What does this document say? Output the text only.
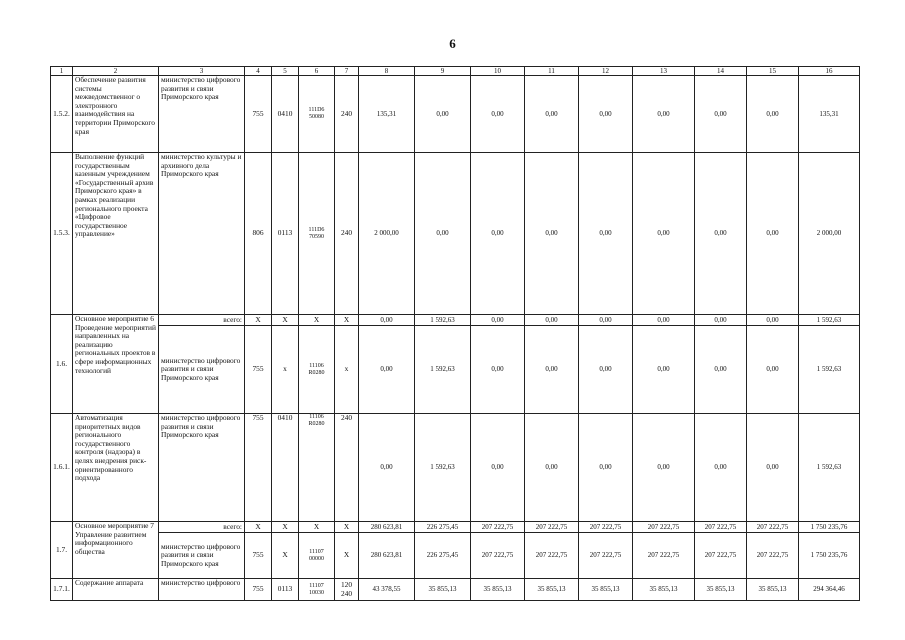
6
1	2	3	4	5	6	7	8	9	10	11	12	13	14	15	16
1.5.2.	Обеспечение развития системы межведомственног о электронного взаимодействия на территории Приморского края	министерство цифрового развития и связи Приморского края	755	0410	111D6 50080	240	135,31	0,00	0,00	0,00	0,00	0,00	0,00	0,00	135,31
1.5.3.	Выполнение функций государственным казенным учреждением «Государственный архив Приморского края» в рамках реализации регионального проекта «Цифровое государственное управление»	министерство культуры и архивного дела Приморского края	806	0113	111D6 70590	240	2 000,00	0,00	0,00	0,00	0,00	0,00	0,00	0,00	2 000,00
1.6.	Основное мероприятие 6 Проведение мероприятий направленных на реализацию региональных проектов в сфере информационных технологий	всего:	X	X	X	X	0,00	1 592,63	0,00	0,00	0,00	0,00	0,00	0,00	1 592,63
		министерство цифрового развития и связи Приморского края	755	x	11106 R0280	x	0,00	1 592,63	0,00	0,00	0,00	0,00	0,00	0,00	1 592,63
1.6.1.	Автоматизация приоритетных видов регионального государственного контроля (надзора) в целях внедрения риск-ориентированного подхода	министерство цифрового развития и связи Приморского края	755	0410	11106 R0280	240	0,00	1 592,63	0,00	0,00	0,00	0,00	0,00	0,00	1 592,63
1.7.	Основное мероприятие 7 Управление развитием информационного общества	всего:	X	X	X	X	280 623,81	226 275,45	207 222,75	207 222,75	207 222,75	207 222,75	207 222,75	207 222,75	1 750 235,76
		министерство цифрового развития и связи Приморского края	755	X	11107 00000	X	280 623,81	226 275,45	207 222,75	207 222,75	207 222,75	207 222,75	207 222,75	207 222,75	1 750 235,76
1.7.1.	Содержание аппарата	министерство цифрового	755	0113	11107 10030	120 240	43 378,55	35 855,13	35 855,13	35 855,13	35 855,13	35 855,13	35 855,13	35 855,13	294 364,46
